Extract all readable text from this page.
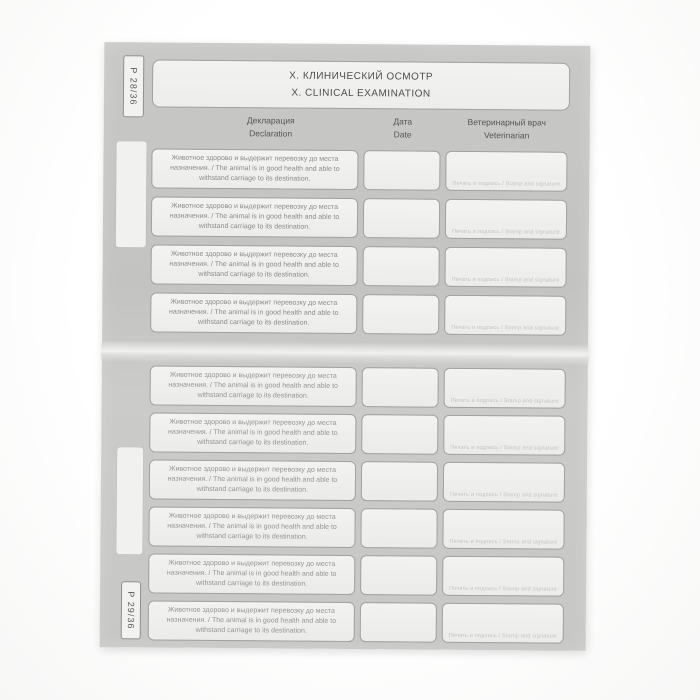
Р 28/36	Х. КЛИНИЧЕСКИЙ ОСМОТР
X. CLINICAL EXAMINATION
Декларация
Declaration
Дата
Date
Ветеринарный врач
Veterinarian
Животное здорово и выдержит перевозку до места назначения. / The animal is in good health and able to withstand carriage to its destination.
Печать и подпись / Stamp and signature
Животное здорово и выдержит перевозку до места назначения. / The animal is in good health and able to withstand carriage to its destination.
Печать и подпись / Stamp and signature
Животное здорово и выдержит перевозку до места назначения. / The animal is in good health and able to withstand carriage to its destination.
Печать и подпись / Stamp and signature
Животное здорово и выдержит перевозку до места назначения. / The animal is in good health and able to withstand carriage to its destination.
Печать и подпись / Stamp and signature
Р 29/36
Животное здорово и выдержит перевозку до места назначения. / The animal is in good health and able to withstand carriage to its destination.
Печать и подпись / Stamp and signature
Животное здорово и выдержит перевозку до места назначения. / The animal is in good health and able to withstand carriage to its destination.
Печать и подпись / Stamp and signature
Животное здорово и выдержит перевозку до места назначения. / The animal is in good health and able to withstand carriage to its destination.
Печать и подпись / Stamp and signature
Животное здорово и выдержит перевозку до места назначения. / The animal is in good health and able to withstand carriage to its destination.
Печать и подпись / Stamp and signature
Животное здорово и выдержит перевозку до места назначения. / The animal is in good health and able to withstand carriage to its destination.
Печать и подпись / Stamp and signature
Животное здорово и выдержит перевозку до места назначения. / The animal is in good health and able to withstand carriage to its destination.
Печать и подпись / Stamp and signature
